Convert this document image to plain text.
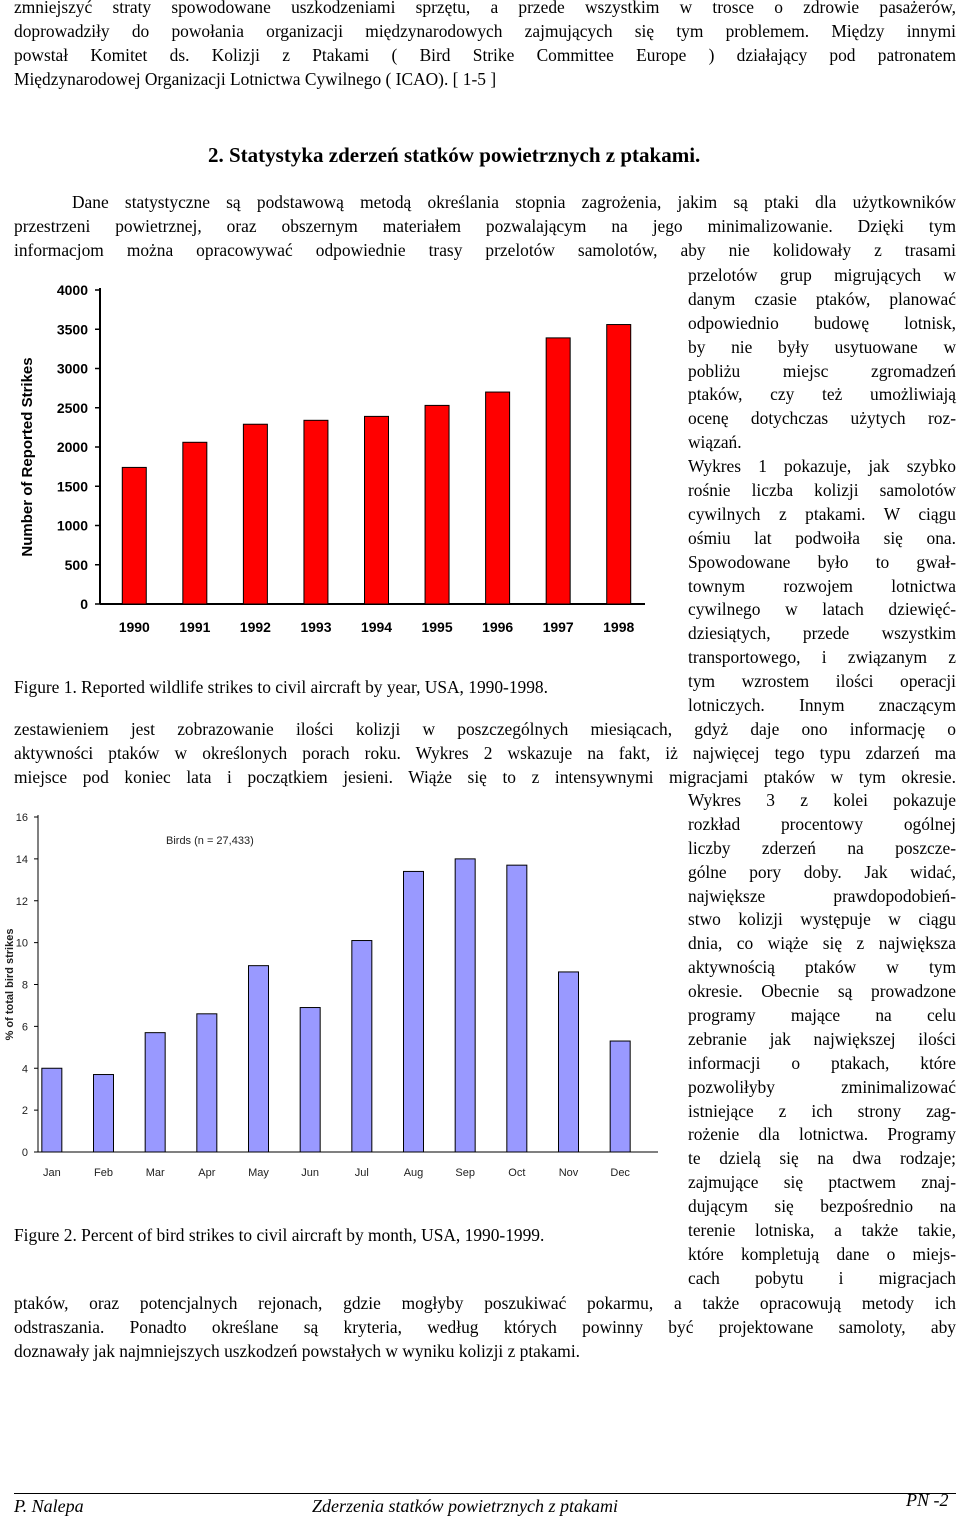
zmniejszyć straty spowodowane uszkodzeniami sprzętu, a przede wszystkim w trosce o zdrowie pasażerów,
doprowadziły do powołania organizacji międzynarodowych zajmujących się tym problemem. Między innymi
powstał Komitet ds. Kolizji z Ptakami ( Bird Strike Committee Europe ) działający pod patronatem
Międzynarodowej Organizacji Lotnictwa Cywilnego ( ICAO). [ 1-5 ]
2. Statystyka zderzeń statków powietrznych z ptakami.
Dane statystyczne są podstawową metodą określania stopnia zagrożenia, jakim są ptaki dla użytkowników
przestrzeni powietrznej, oraz obszernym materiałem pozwalającym na jego minimalizowanie. Dzięki tym
informacjom można opracowywać odpowiednie trasy przelotów samolotów, aby nie kolidowały z trasami
0
500
1000
1500
2000
2500
3000
3500
4000
1990 1991 1992 1993 1994 1995 1996 1997 1998
Number of Reported Strikes
Figure 1. Reported wildlife strikes to civil aircraft by year, USA, 1990-1998.
przelotów grup migrujących w
danym czasie ptaków, planować
odpowiednio budowę lotnisk,
by nie były usytuowane w
pobliżu miejsc zgromadzeń
ptaków, czy też umożliwiają
ocenę dotychczas użytych roz-
wiązań.
Wykres 1 pokazuje, jak szybko
rośnie liczba kolizji samolotów
cywilnych z ptakami. W ciągu
ośmiu lat podwoiła się ona.
Spowodowane było to gwał-
townym rozwojem lotnictwa
cywilnego w latach dziewięć-
dziesiątych, przede wszystkim
transportowego, i związanym z
tym wzrostem ilości operacji
lotniczych. Innym znaczącym
zestawieniem jest zobrazowanie ilości kolizji w poszczególnych miesiącach, gdyż daje ono informację o
aktywności ptaków w określonych porach roku. Wykres 2 wskazuje na fakt, iż najwięcej tego typu zdarzeń ma
miejsce pod koniec lata i początkiem jesieni. Wiąże się to z intensywnymi migracjami ptaków w tym okresie.
0
2
4
6
8
10
12
14
16
Jan	Feb	Mar	Apr	May	Jun	Jul	Aug	Sep	Oct	Nov	Dec
% of total bird strikes
Birds (n = 27,433)
Figure 2. Percent of bird strikes to civil aircraft by month, USA, 1990-1999.
Wykres 3 z kolei pokazuje
rozkład procentowy ogólnej
liczby zderzeń na poszcze-
gólne pory doby. Jak widać,
największe prawdopodobień-
stwo kolizji występuje w ciągu
dnia, co wiąże się z największa
aktywnością ptaków w tym
okresie. Obecnie są prowadzone
programy mające na celu
zebranie jak największej ilości
informacji o ptakach, które
pozwoliłyby zminimalizować
istniejące z ich strony zag-
rożenie dla lotnictwa. Programy
te dzielą się na dwa rodzaje;
zajmujące się ptactwem znaj-
dującym się bezpośrednio na
terenie lotniska, a także takie,
które kompletują dane o miejs-
cach pobytu i migracjach
ptaków, oraz potencjalnych rejonach, gdzie mogłyby poszukiwać pokarmu, a także opracowują metody ich
odstraszania. Ponadto określane są kryteria, według których powinny być projektowane samoloty, aby
doznawały jak najmniejszych uszkodzeń powstałych w wyniku kolizji z ptakami.
P. Nalepa	Zderzenia statków powietrznych z ptakami	PN -2
